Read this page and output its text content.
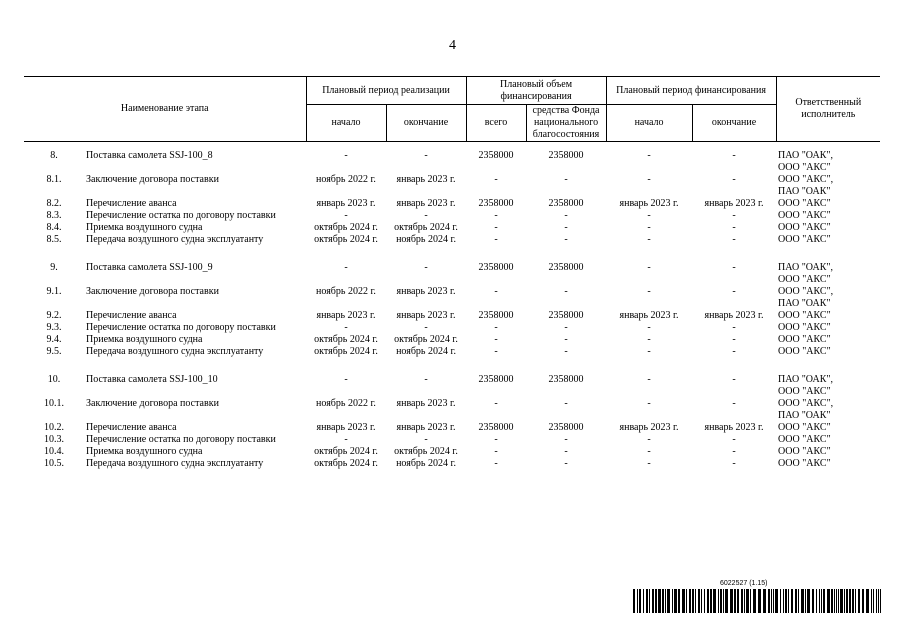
4
Наименование этапа		Плановый период реализации		Плановый объем финансирования		Плановый период финансирования		Ответственный исполнитель
		начало	окончание	всего	средства Фонда национального благосостояния	начало	окончание	

8.	Поставка самолета SSJ-100_8	-	-	2358000	2358000	-	-	ПАО "ОАК",
ООО "АКС"

8.1.	Заключение договора поставки	ноябрь 2022 г.	январь 2023 г.	-	-	-	-	ООО "АКС",
ПАО "ОАК"

8.2.	Перечисление аванса	январь 2023 г.	январь 2023 г.	2358000	2358000	январь 2023 г.	январь 2023 г.	ООО "АКС"

8.3.	Перечисление остатка по договору поставки	-	-	-	-	-	-	ООО "АКС"

8.4.	Приемка воздушного судна	октябрь 2024 г.	октябрь 2024 г.	-	-	-	-	ООО "АКС"

8.5.	Передача воздушного судна эксплуатанту	октябрь 2024 г.	ноябрь 2024 г.	-	-	-	-	ООО "АКС"

9.	Поставка самолета SSJ-100_9	-	-	2358000	2358000	-	-	ПАО "ОАК",
ООО "АКС"

9.1.	Заключение договора поставки	ноябрь 2022 г.	январь 2023 г.	-	-	-	-	ООО "АКС",
ПАО "ОАК"

9.2.	Перечисление аванса	январь 2023 г.	январь 2023 г.	2358000	2358000	январь 2023 г.	январь 2023 г.	ООО "АКС"

9.3.	Перечисление остатка по договору поставки	-	-	-	-	-	-	ООО "АКС"

9.4.	Приемка воздушного судна	октябрь 2024 г.	октябрь 2024 г.	-	-	-	-	ООО "АКС"

9.5.	Передача воздушного судна эксплуатанту	октябрь 2024 г.	ноябрь 2024 г.	-	-	-	-	ООО "АКС"

10.	Поставка самолета SSJ-100_10	-	-	2358000	2358000	-	-	ПАО "ОАК",
ООО "АКС"

10.1.	Заключение договора поставки	ноябрь 2022 г.	январь 2023 г.	-	-	-	-	ООО "АКС",
ПАО "ОАК"

10.2.	Перечисление аванса	январь 2023 г.	январь 2023 г.	2358000	2358000	январь 2023 г.	январь 2023 г.	ООО "АКС"

10.3.	Перечисление остатка по договору поставки	-	-	-	-	-	-	ООО "АКС"

10.4.	Приемка воздушного судна	октябрь 2024 г.	октябрь 2024 г.	-	-	-	-	ООО "АКС"

10.5.	Передача воздушного судна эксплуатанту	октябрь 2024 г.	ноябрь 2024 г.	-	-	-	-	ООО "АКС"
6022527 (1.15)
